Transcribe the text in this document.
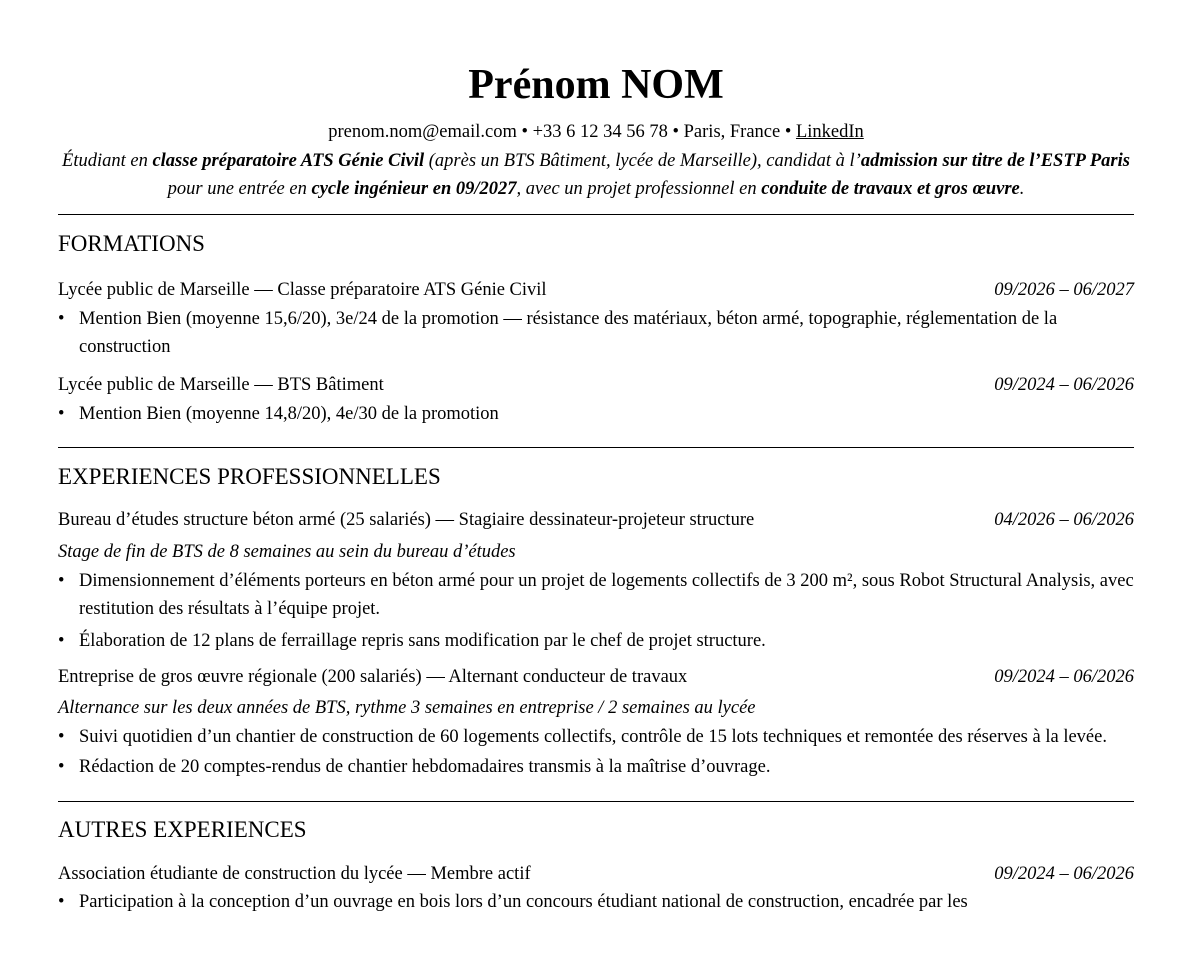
Prénom NOM
prenom.nom@email.com • +33 6 12 34 56 78 • Paris, France • LinkedIn
Étudiant en classe préparatoire ATS Génie Civil (après un BTS Bâtiment, lycée de Marseille), candidat à l’admission sur titre de l’ESTP Paris pour une entrée en cycle ingénieur en 09/2027, avec un projet professionnel en conduite de travaux et gros œuvre.
FORMATIONS
Lycée public de Marseille — Classe préparatoire ATS Génie Civil	09/2026 – 06/2027
• Mention Bien (moyenne 15,6/20), 3e/24 de la promotion — résistance des matériaux, béton armé, topographie, réglementation de la construction
Lycée public de Marseille — BTS Bâtiment	09/2024 – 06/2026
• Mention Bien (moyenne 14,8/20), 4e/30 de la promotion
EXPERIENCES PROFESSIONNELLES
Bureau d’études structure béton armé (25 salariés) — Stagiaire dessinateur-projeteur structure	04/2026 – 06/2026
Stage de fin de BTS de 8 semaines au sein du bureau d’études
• Dimensionnement d’éléments porteurs en béton armé pour un projet de logements collectifs de 3 200 m², sous Robot Structural Analysis, avec restitution des résultats à l’équipe projet.
• Élaboration de 12 plans de ferraillage repris sans modification par le chef de projet structure.
Entreprise de gros œuvre régionale (200 salariés) — Alternant conducteur de travaux	09/2024 – 06/2026
Alternance sur les deux années de BTS, rythme 3 semaines en entreprise / 2 semaines au lycée
• Suivi quotidien d’un chantier de construction de 60 logements collectifs, contrôle de 15 lots techniques et remontée des réserves à la levée.
• Rédaction de 20 comptes-rendus de chantier hebdomadaires transmis à la maîtrise d’ouvrage.
AUTRES EXPERIENCES
Association étudiante de construction du lycée — Membre actif	09/2024 – 06/2026
• Participation à la conception d’un ouvrage en bois lors d’un concours étudiant national de construction, encadrée par les
